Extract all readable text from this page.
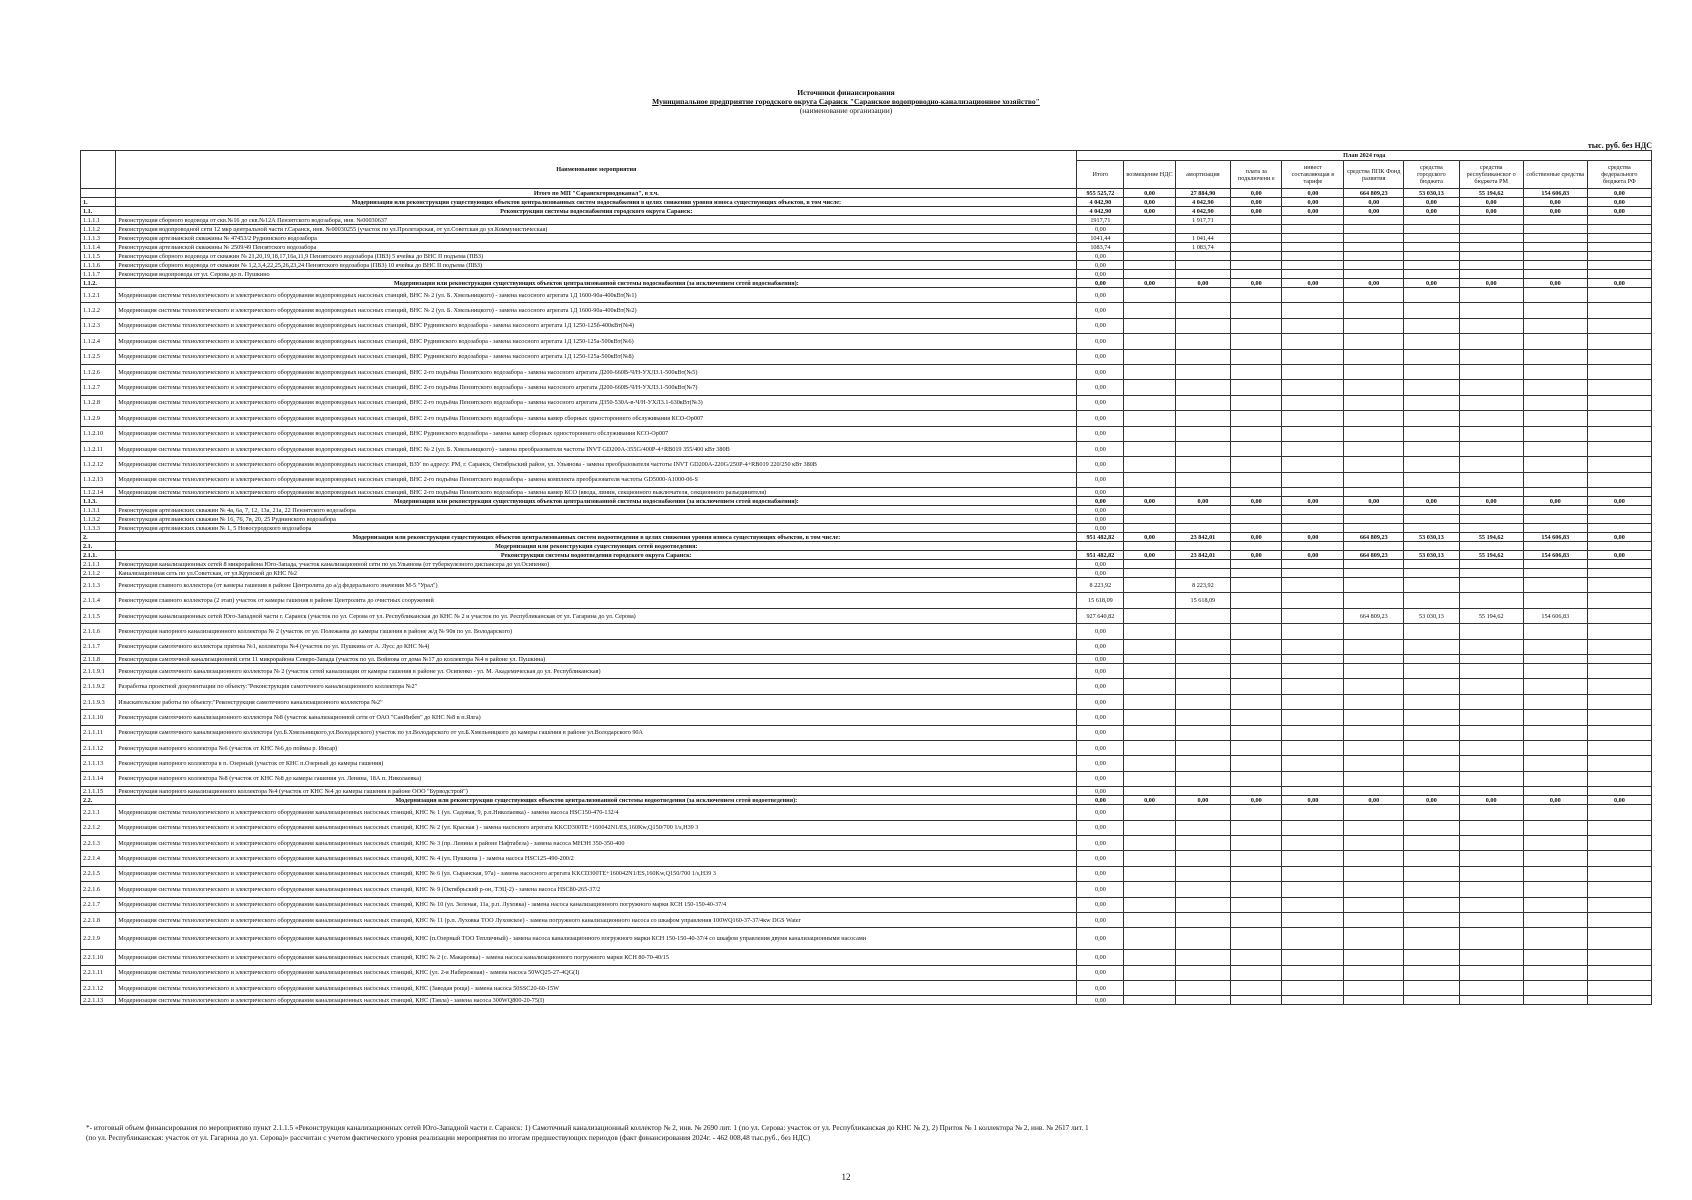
Источники финансирования
Муниципальное предприятие городского округа Саранск "Саранское водопроводно-канализационное хозяйство"
(наименование организации)
тыс. руб. без НДС
	Наименование мероприятия	План 2024 года									
		Итого	возмещение НДС	амортизация	плата за подключени е	инвест составляющая в тарифе	средства ППК Фонд развития	средства городского бюджета	средства республиканског о бюджета РМ	собственные средства	средства федерального бюджета РФ
	Итого по МП "Саранскгорводоканал", в т.ч.	955 525,72	0,00	27 884,90	0,00	0,00	664 809,23	53 030,13	55 194,62	154 606,83	0,00
1.	Модернизация или реконструкция существующих объектов централизованных систем водоснабжения в целях снижения уровня износа существующих объектов, в том числе:	4 042,90	0,00	4 042,90	0,00	0,00	0,00	0,00	0,00	0,00	0,00
1.1.	Реконструкция системы водоснабжения городского округа Саранск:	4 042,90	0,00	4 042,90	0,00	0,00	0,00	0,00	0,00	0,00	0,00
1.1.1.1	Реконструкция сборного водовода от скв.№16 до скв.№12А Пензятского водозабора, инв. №00030637	1917,71		1 917,71							
1.1.1.2	Реконструкция водопроводной сети 12 мкр центральной части г.Саранск, инв. №00030255 (участок по ул.Пролетарская, от ул.Советская до ул.Коммунистическая)	0,00									
1.1.1.3	Реконструкция артезианской скважины № 47453/2 Руднинского водозабора	1041,44		1 041,44							
1.1.1.4	Реконструкция артезианской скважины № 2509/49 Пензятского водозабора	1083,74		1 083,74							
1.1.1.5	Реконструкция сборного водовода от скважин № 21,20,19,18,17,16а,11,9 Пензятского водозабора (ПВЗ) 5 ячейка до ВНС II подъема (ПВЗ)	0,00									
1.1.1.6	Реконструкция сборного водовода от скважин № 1,2,3,4,22,25,26,23,24 Пензятского водозабора (ПВЗ) 10 ячейка до ВНС II подъема (ПВЗ)	0,00									
1.1.1.7	Реконструкция водопровода от ул. Серова до п. Пушкино	0,00									
1.1.2.	Модернизация или реконструкция существующих объектов централизованной системы водоснабжения (за исключением сетей водоснабжения):	0,00	0,00	0,00	0,00	0,00	0,00	0,00	0,00	0,00	0,00
1.1.2.1	Модернизация системы технологического и электрического оборудования водопроводных насосных станций, ВНС № 2 (ул. Б. Хмельницкого) - замена насосного агрегата 1Д 1600-90а-400кВт(№1)	0,00									
1.1.2.2	Модернизация системы технологического и электрического оборудования водопроводных насосных станций, ВНС № 2 (ул. Б. Хмельницкого) - замена насосного агрегата 1Д 1600-90а-400кВт(№2)	0,00									
1.1.2.3	Модернизация системы технологического и электрического оборудования водопроводных насосных станций, ВНС Руднинского водозабора - замена насосного агрегата 1Д 1250-125б-400кВт(№4)	0,00									
1.1.2.4	Модернизация системы технологического и электрического оборудования водопроводных насосных станций, ВНС Руднинского водозабора - замена насосного агрегата 1Д 1250-125а-500кВт(№6)	0,00									
1.1.2.5	Модернизация системы технологического и электрического оборудования водопроводных насосных станций, ВНС Руднинского водозабора - замена насосного агрегата 1Д 1250-125а-500кВт(№8)	0,00									
1.1.2.6	Модернизация системы технологического и электрического оборудования водопроводных насосных станций, ВНС 2-го подъёма Пензятского водозабора - замена насосного агрегата Д200-660В-Ч/Н-УХЛ3.1-500кВт(№5)	0,00									
1.1.2.7	Модернизация системы технологического и электрического оборудования водопроводных насосных станций, ВНС 2-го подъёма Пензятского водозабора - замена насосного агрегата Д200-660В-Ч/Н-УХЛ3.1-500кВт(№7)	0,00									
1.1.2.8	Модернизация системы технологического и электрического оборудования водопроводных насосных станций, ВНС 2-го подъёма Пензятского водозабора - замена насосного агрегата Д350-530А-в-Ч/Н-УХЛ3.1-630кВт(№3)	0,00									
1.1.2.9	Модернизация системы технологического и электрического оборудования водопроводных насосных станций, ВНС 2-го подъёма Пензятского водозабора - замена камер сборных одностороннего обслуживания КСО-Ор007	0,00									
1.1.2.10	Модернизация системы технологического и электрического оборудования водопроводных насосных станций, ВНС Руднинского водозабора - замена камер сборных одностороннего обслуживания КСО-Ор007	0,00									
1.1.2.11	Модернизация системы технологического и электрического оборудования водопроводных насосных станций, ВНС № 2 (ул. Б. Хмельницкого) - замена преобразователя частоты INVT GD200A-355G/400P-4+RB019 355/400 кВт 380В	0,00									
1.1.2.12	Модернизация системы технологического и электрического оборудования водопроводных насосных станций, ВЗУ по адресу: РМ, г. Саранск, Октябрьский район, ул. Ульянова - замена преобразователя частоты INVT GD200A-220G/250P-4+RB019 220/250 кВт 380В	0,00									
1.1.2.13	Модернизация системы технологического и электрического оборудования водопроводных насосных станций, ВНС 2-го подъёма Пензятского водозабора - замена комплекта преобразователя частоты GD5000-A1000-06-S	0,00									
1.1.2.14	Модернизация системы технологического и электрического оборудования водопроводных насосных станций, ВНС 2-го подъёма Пензятского водозабора - замена камер КСО (ввода, линии, секционного выключателя, секционного разъединителя)	0,00									
1.1.3.	Модернизация или реконструкция существующих объектов централизованной системы водоснабжения (за исключением сетей водоснабжения):	0,00	0,00	0,00	0,00	0,00	0,00	0,00	0,00	0,00	0,00
1.1.3.1	Реконструкция артезианских скважин № 4а, 6а, 7, 12, 13а, 21а, 22 Пензятского водозабора	0,00									
1.1.3.2	Реконструкция артезианских скважин № 16, 76, 7в, 20, 25 Руднинского водозабора	0,00									
1.1.3.3	Реконструкция артезианских скважин № 1, 5 Новосуродского водозабора	0,00									
2.	Модернизация или реконструкция существующих объектов централизованных систем водоотведения в целях снижения уровня износа существующих объектов, в том числе:	951 482,82	0,00	23 842,01	0,00	0,00	664 809,23	53 030,13	55 194,62	154 606,83	0,00
2.1.	Модернизация или реконструкция существующих сетей водоотведения:										
2.1.1.	Реконструкция системы водоотведения городского округа Саранск:	951 482,82	0,00	23 842,01	0,00	0,00	664 809,23	53 030,13	55 194,62	154 606,83	0,00
2.1.1.1	Реконструкция канализационных сетей 8 микрорайона Юго-Запада, участок канализационной сети по ул.Ульянова (от туберкулезного диспансера до ул.Осипенко)	0,00									
2.1.1.2	Канализационная сеть по ул.Советская, от ул.Крупской до КНС №2	0,00									
2.1.1.3	Реконструкция главного коллектора (от камеры гашения в районе Центролита до а/д федерального значения М-5 "Урал")	8 223,92		8 223,92							
2.1.1.4	Реконструкция главного коллектора (2 этап) участок от камеры гашения в районе Центролита до очистных сооружений	15 618,09		15 618,09							
2.1.1.5	Реконструкция канализационных сетей Юго-Западной части г. Саранск (участок по ул. Серова от ул. Республиканская до КНС № 2 и участок по ул. Республиканская от ул. Гагарина до ул. Серова)	927 640,82					664 809,23	53 030,13	55 194,62	154 606,83	
2.1.1.6	Реконструкция напорного канализационного коллектора № 2 (участок от ул. Полежаева до камеры гашения в районе ж/д № 90в по ул. Володарского)	0,00									
2.1.1.7	Реконструкция самотечного коллектора притока №1, коллектора №4 (участок по ул. Пушкина от А. Лусс до КНС №4)	0,00									
2.1.1.8	Реконструкция самотечной канализационной сети 11 микрорайона Северо-Запада (участок по ул. Войнова от дома №17 до коллектора №4 в районе ул. Пушкина)	0,00									
2.1.1.9.1	Реконструкция самотечного канализационного коллектора № 2 (участок сетей канализации от камеры гашения в районе ул. Осипенко - ул. М. Академическая до ул. Республиканская)	0,00									
2.1.1.9.2	Разработка проектной документации по объекту:"Реконструкция самотечного канализационного коллектора №2"	0,00									
2.1.1.9.3	Изыскательские работы по объекту:"Реконструкция самотечного канализационного коллектора №2"	0,00									
2.1.1.10	Реконструкция самотечного канализационного коллектора №8 (участок канализационной сети от ОАО "СанИнбев" до КНС №8 в п.Ялга)	0,00									
2.1.1.11	Реконструкция самотечного канализационного коллектора (ул.Б.Хмельницкого,ул.Володарского) участок по ул.Володарского от ул.Б.Хмельницкого до камеры гашения в районе ул.Володарского 90А	0,00									
2.1.1.12	Реконструкция напорного коллектора №6 (участок от КНС №6 до поймы р. Инсар)	0,00									
2.1.1.13	Реконструкция напорного коллектора в п. Озерный (участок от КНС п.Озерный до камеры гашения)	0,00									
2.1.1.14	Реконструкция напорного коллектора №8 (участок от КНС №8 до камеры гашения ул. Ленина, 18А п. Николаевка)	0,00									
2.1.1.15	Реконструкция напорного канализационного коллектора №4 (участок от КНС №4 до камеры гашения в районе ООО "Бурводстрой")	0,00									
2.2.	Модернизация или реконструкция существующих объектов централизованной системы водоотведения (за исключением сетей водоотведения):	0,00	0,00	0,00	0,00	0,00	0,00	0,00	0,00	0,00	0,00
2.2.1.1	Модернизация системы технологического и электрического оборудования канализационных насосных станций, КНС № 1 (ул. Садовая, 9, р.п.Николаевка) - замена насоса HSC150-470-132/4	0,00									
2.2.1.2	Модернизация системы технологического и электрического оборудования канализационных насосных станций, КНС № 2 (ул. Красная ) - замена насосного агрегата KKCD300TE+160042N1/ES,160Kw,Q150/700 1/s,H39 3	0,00									
2.2.1.3	Модернизация системы технологического и электрического оборудования канализационных насосных станций, КНС № 3 (пр. Ленина в районе Нафтабеза) - замена насоса МНЭН 350-350-400	0,00									
2.2.1.4	Модернизация системы технологического и электрического оборудования канализационных насосных станций, КНС № 4 (ул. Пушкина ) - замена насоса HSC125-490-200/2	0,00									
2.2.1.5	Модернизация системы технологического и электрического оборудования канализационных насосных станций, КНС № 6 (ул. Сыранская, 97а) - замена насосного агрегата KKCD300TE+160042N1/ES,160Kw,Q150/700 1/s,H39 3	0,00									
2.2.1.6	Модернизация системы технологического и электрического оборудования канализационных насосных станций, КНС № 9 (Октябрьский р-он, ТЭЦ-2) - замена насоса HSC80-265-37/2	0,00									
2.2.1.7	Модернизация системы технологического и электрического оборудования канализационных насосных станций, КНС № 10 (ул. Зеленая, 11а, р.п. Луховка) - замена насоса канализационного погружного марки КСН 150-150-40-37/4	0,00									
2.2.1.8	Модернизация системы технологического и электрического оборудования канализационных насосных станций, КНС № 11 (р.п. Луховка ТОО Луховское) - замена погружного канализационного насоса со шкафом управления 100WQ160-37-37/4кw DGS Water	0,00									
2.2.1.9	Модернизация системы технологического и электрического оборудования канализационных насосных станций, КНС (п.Озерный ТОО Тепличный) - замена насоса канализационного погружного марки КСН 150-150-40-37/4 со шкафом управления двумя канализационными насосами	0,00									
2.2.1.10	Модернизация системы технологического и электрического оборудования канализационных насосных станций, КНС № 2 (с. Макаровка) - замена насоса канализационного погружного марки КСН 80-70-40/15	0,00									
2.2.1.11	Модернизация системы технологического и электрического оборудования канализационных насосных станций, КНС (ул. 2-я Набережная) - замена насоса 50WQ25-27-4QG(I)	0,00									
2.2.1.12	Модернизация системы технологического и электрического оборудования канализационных насосных станций, КНС (Заводая роща) - замена насоса 50SSC20-60-15W	0,00									
2.2.1.13	Модернизация системы технологического и электрического оборудования канализационных насосных станций, КНС (Тавла) - замена насоса 300WQ800-20-75(I)	0,00									
*- итоговый объем финансирования по мероприятию пункт 2.1.1.5 «Реконструкция канализационных сетей Юго-Западной части г. Саранск: 1) Самотечный канализационный коллектор № 2, инв. № 2690 лит. 1 (по ул. Серова: участок от ул. Республиканская до КНС № 2), 2) Приток № 1 коллектора № 2, инв. № 2617 лит. 1 (по ул. Республиканская: участок от ул. Гагарина до ул. Серова)» рассчитан с учетом фактического уровня реализации мероприятия по итогам предшествующих периодов (факт финансирования 2024г. - 462 008,48 тыс.руб., без НДС)
12
